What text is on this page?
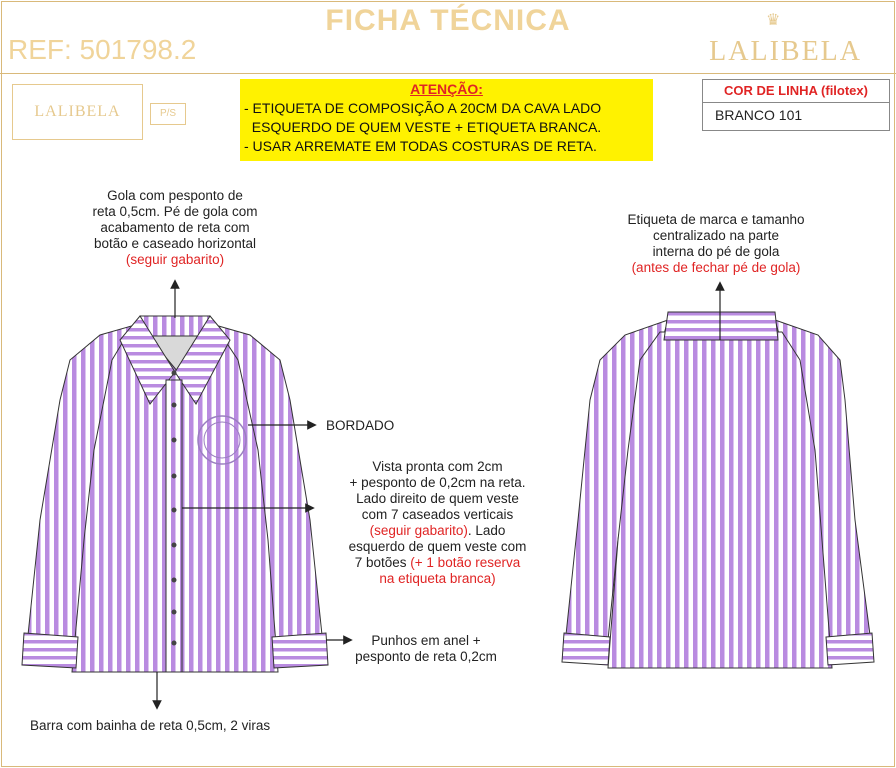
FICHA TÉCNICA
REF: 501798.2
♛
LALIBELA
LALIBELA	P/S
ATENÇÃO:
- ETIQUETA DE COMPOSIÇÃO A 20CM DA CAVA LADO
ESQUERDO DE QUEM VESTE + ETIQUETA BRANCA.
- USAR ARREMATE EM TODAS COSTURAS DE RETA.
COR DE LINHA (filotex)
BRANCO 101
Gola com pesponto de
reta 0,5cm. Pé de gola com
acabamento de reta com
botão e caseado horizontal
(seguir gabarito)
BORDADO
Vista pronta com 2cm
+ pesponto de 0,2cm na reta.
Lado direito de quem veste
com 7 caseados verticais
(seguir gabarito). Lado
esquerdo de quem veste com
7 botões (+ 1 botão reserva
na etiqueta branca)
Punhos em anel +
pesponto de reta 0,2cm
Barra com bainha de reta 0,5cm, 2 viras
Etiqueta de marca e tamanho
centralizado na parte
interna do pé de gola
(antes de fechar pé de gola)
